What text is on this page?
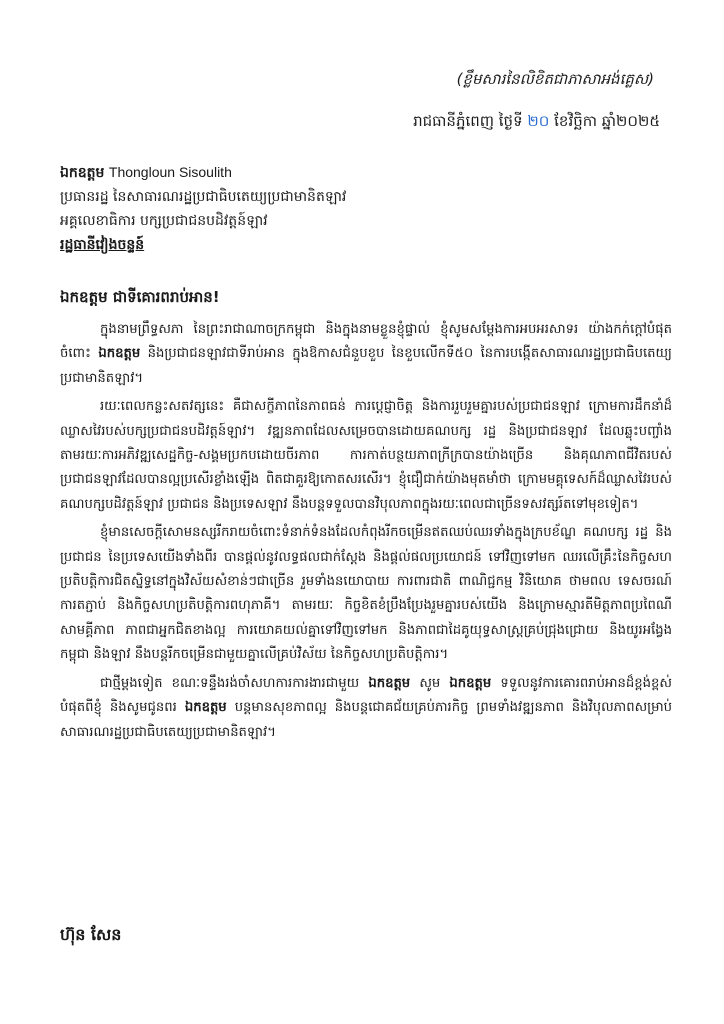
(ខ្លឹមសារនៃលិខិតជាភាសាអង់គ្លេស)
រាជធានីភ្នំពេញ ថ្ងៃទី ២០ ខែវិច្ឆិកា ឆ្នាំ២០២៥
ឯកឧត្តម Thongloun Sisoulith
ប្រធានរដ្ឋ នៃសាធារណរដ្ឋប្រជាធិបតេយ្យប្រជាមានិតឡាវ
អគ្គលេខាធិការ បក្សប្រជាជនបដិវត្តន៍ឡាវ
រដ្ឋធានីវៀងចន្ទន៍
ឯកឧត្តម ជាទីគោរពរាប់អាន!

ក្នុងនាមព្រឹទ្ធសភា នៃព្រះរាជាណាចក្រកម្ពុជា និងក្នុងនាមខ្លួនខ្ញុំផ្ទាល់ ខ្ញុំសូមសម្តែងការអបអរសាទរ យ៉ាងកក់ក្តៅបំផុតចំពោះ ឯកឧត្តម និងប្រជាជនឡាវជាទីរាប់អាន ក្នុងឱកាសជំនួបខួប នៃខួបលើកទី៥០ នៃការបង្កើតសាធារណរដ្ឋប្រជាធិបតេយ្យប្រជាមានិតឡាវ។

រយៈពេលកន្លះសតវត្សនេះ គឺជាសក្ខីភាពនៃភាពធន់ ការប្តេជ្ញាចិត្ត និងការរួបរួមគ្នារបស់ប្រជាជនឡាវ ក្រោមការដឹកនាំដ៏ឈ្លាសវៃរបស់បក្សប្រជាជនបដិវត្តន៍ឡាវ។ វឌ្ឍនភាពដែលសម្រេចបានដោយគណបក្ស រដ្ឋ និងប្រជាជនឡាវ ដែលឆ្លុះបញ្ចាំងតាមរយៈការអភិវឌ្ឍសេដ្ឋកិច្ច-សង្គមប្រកបដោយចីរភាព ការកាត់បន្ថយភាពក្រីក្របានយ៉ាងច្រើន និងគុណភាពជីវិតរបស់ប្រជាជនឡាវដែលបានល្អប្រសើរខ្លាំងឡើង ពិតជាគួរឱ្យកោតសរសើរ។ ខ្ញុំជឿជាក់យ៉ាងមុតមាំថា ក្រោមមគ្គុទេសក៍ដ៏ឈ្លាសវៃរបស់គណបក្សបដិវត្តន៍ឡាវ ប្រជាជន និងប្រទេសឡាវ នឹងបន្តទទួលបានវិបុលភាពក្នុងរយៈពេលជាច្រើនទសវត្សរ៍តទៅមុខទៀត។

ខ្ញុំមានសេចក្តីសោមនស្សរីករាយចំពោះទំនាក់ទំនងដែលកំពុងរីកចម្រើនឥតឈប់ឈរទាំងក្នុងក្របខ័ណ្ឌ គណបក្ស រដ្ឋ និងប្រជាជន នៃប្រទេសយើងទាំងពីរ បានផ្តល់នូវលទ្ធផលជាក់ស្តែង និងផ្តល់ផលប្រយោជន៍ ទៅវិញទៅមក ឈរលើគ្រឹះនៃកិច្ចសហប្រតិបត្តិការជិតស្និទ្ធនៅក្នុងវិស័យសំខាន់ៗជាច្រើន រួមទាំងនយោបាយ ការពារជាតិ ពាណិជ្ជកម្ម វិនិយោគ ថាមពល ទេសចរណ៍ ការតភ្ជាប់ និងកិច្ចសហប្រតិបត្តិការពហុភាគី។ តាមរយៈ កិច្ចខិតខំប្រឹងប្រែងរួមគ្នារបស់យើង និងក្រោមស្មារតីមិត្តភាពប្រពៃណី សាមគ្គីភាព ភាពជាអ្នកជិតខាងល្អ ការយោគយល់គ្នាទៅវិញទៅមក និងភាពជាដៃគូយុទ្ធសាស្ត្រគ្រប់ជ្រុងជ្រោយ និងយូរអង្វែង កម្ពុជា និងឡាវ នឹងបន្តរីកចម្រើនជាមួយគ្នាលើគ្រប់វិស័យ នៃកិច្ចសហប្រតិបត្តិការ។

ជាថ្មីម្តងទៀត ខណៈទន្ទឹងរង់ចាំសហការការងារជាមួយ ឯកឧត្តម សូម ឯកឧត្តម ទទួលនូវការគោរពរាប់អានដ៏ខ្ពង់ខ្ពស់បំផុតពីខ្ញុំ និងសូមជូនពរ ឯកឧត្តម បន្តមានសុខភាពល្អ និងបន្តជោគជ័យគ្រប់ភារកិច្ច ព្រមទាំងវឌ្ឍនភាព និងវិបុលភាពសម្រាប់សាធារណរដ្ឋប្រជាធិបតេយ្យប្រជាមានិតឡាវ។

ហ៊ុន សែន
